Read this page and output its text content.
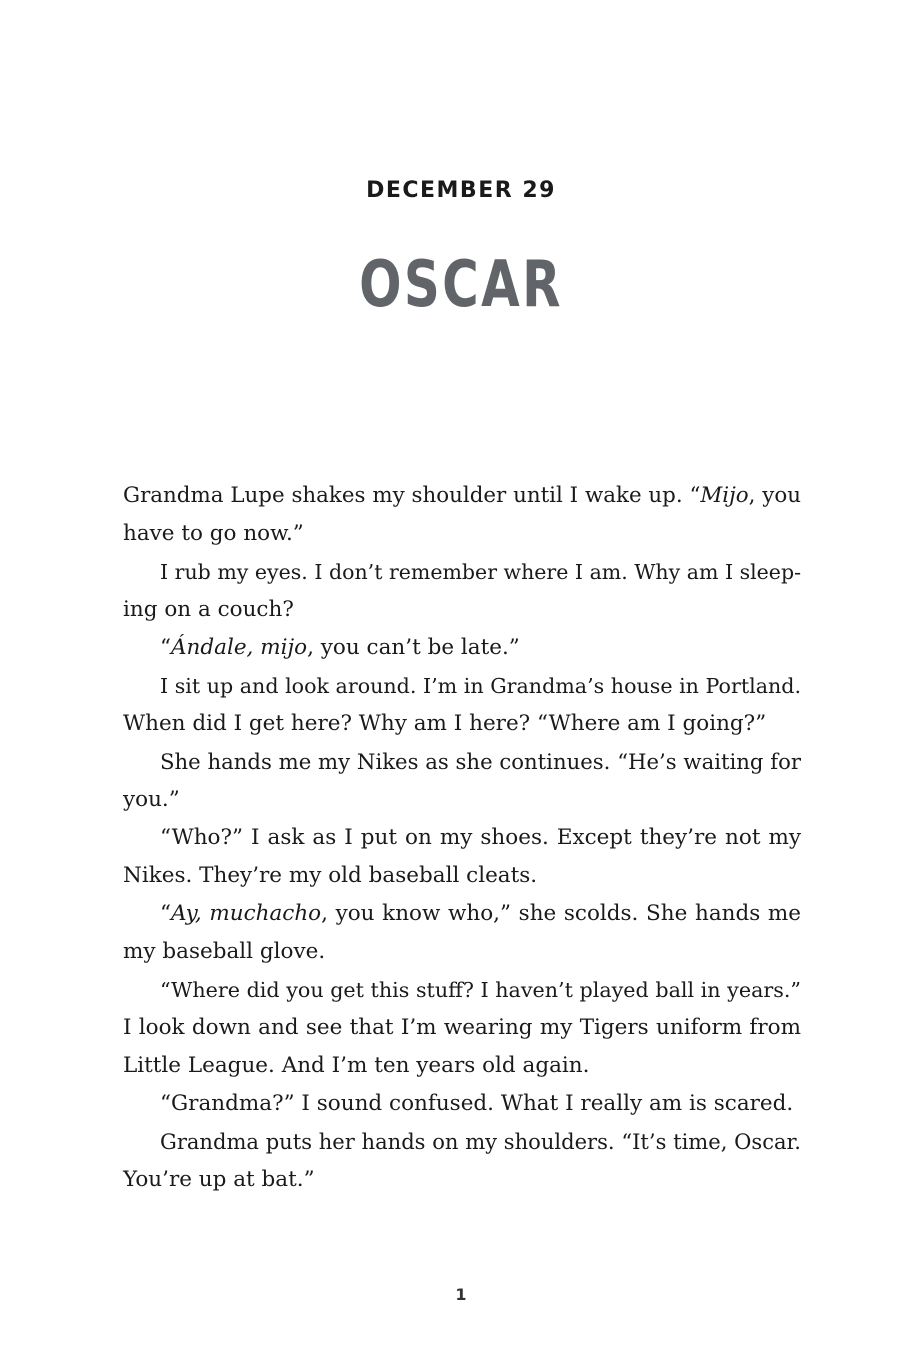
DECEMBER 29
OSCAR
Grandma Lupe shakes my shoulder until I wake up. “Mijo, you
have to go now.”
I rub my eyes. I don’t remember where I am. Why am I sleep-
ing on a couch?
“Ándale, mijo, you can’t be late.”
I sit up and look around. I’m in Grandma’s house in Portland.
When did I get here? Why am I here? “Where am I going?”
She hands me my Nikes as she continues. “He’s waiting for
you.”
“Who?” I ask as I put on my shoes. Except they’re not my
Nikes. They’re my old baseball cleats.
“Ay, muchacho, you know who,” she scolds. She hands me
my baseball glove.
“Where did you get this stuff? I haven’t played ball in years.”
I look down and see that I’m wearing my Tigers uniform from
Little League. And I’m ten years old again.
“Grandma?” I sound confused. What I really am is scared.
Grandma puts her hands on my shoulders. “It’s time, Oscar.
You’re up at bat.”
1
